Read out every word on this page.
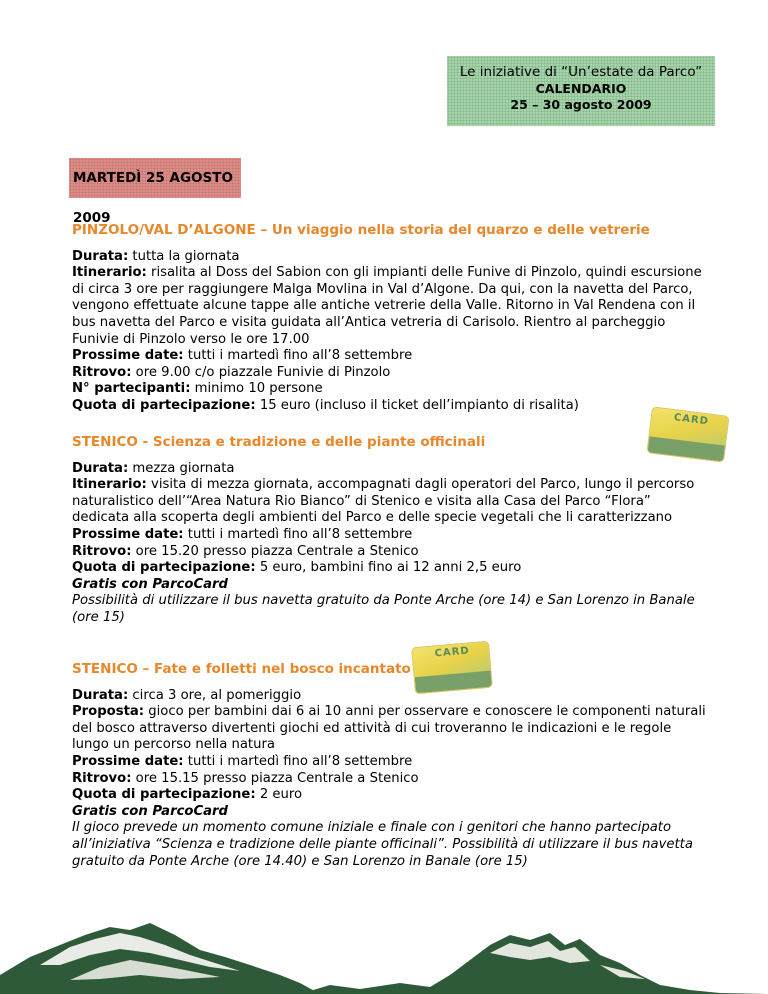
Le iniziative di “Un’estate da Parco”
CALENDARIO
25 – 30 agosto 2009
MARTEDÌ 25 AGOSTO 2009
PINZOLO/VAL D’ALGONE – Un viaggio nella storia del quarzo e delle vetrerie
Durata: tutta la giornata
Itinerario: risalita al Doss del Sabion con gli impianti delle Funive di Pinzolo, quindi escursione di circa 3 ore per raggiungere Malga Movlina in Val d’Algone. Da qui, con la navetta del Parco, vengono effettuate alcune tappe alle antiche vetrerie della Valle. Ritorno in Val Rendena con il bus navetta del Parco e visita guidata all’Antica vetreria di Carisolo. Rientro al parcheggio Funivie di Pinzolo verso le ore 17.00
Prossime date: tutti i martedì fino all’8 settembre
Ritrovo: ore 9.00 c/o piazzale Funivie di Pinzolo
N° partecipanti: minimo 10 persone
Quota di partecipazione: 15 euro (incluso il ticket dell’impianto di risalita)
CARD
STENICO - Scienza e tradizione e delle piante officinali
Durata: mezza giornata
Itinerario: visita di mezza giornata, accompagnati dagli operatori del Parco, lungo il percorso naturalistico dell’“Area Natura Rio Bianco” di Stenico e visita alla Casa del Parco “Flora” dedicata alla scoperta degli ambienti del Parco e delle specie vegetali che li caratterizzano
Prossime date: tutti i martedì fino all’8 settembre
Ritrovo: ore 15.20 presso piazza Centrale a Stenico
Quota di partecipazione: 5 euro, bambini fino ai 12 anni 2,5 euro
Gratis con ParcoCard
Possibilità di utilizzare il bus navetta gratuito da Ponte Arche (ore 14) e San Lorenzo in Banale (ore 15)
CARD
STENICO – Fate e folletti nel bosco incantato
Durata: circa 3 ore, al pomeriggio
Proposta: gioco per bambini dai 6 ai 10 anni per osservare e conoscere le componenti naturali del bosco attraverso divertenti giochi ed attività di cui troveranno le indicazioni e le regole lungo un percorso nella natura
Prossime date: tutti i martedì fino all’8 settembre
Ritrovo: ore 15.15 presso piazza Centrale a Stenico
Quota di partecipazione: 2 euro
Gratis con ParcoCard
Il gioco prevede un momento comune iniziale e finale con i genitori che hanno partecipato all’iniziativa “Scienza e tradizione delle piante officinali”. Possibilità di utilizzare il bus navetta gratuito da Ponte Arche (ore 14.40) e San Lorenzo in Banale (ore 15)
